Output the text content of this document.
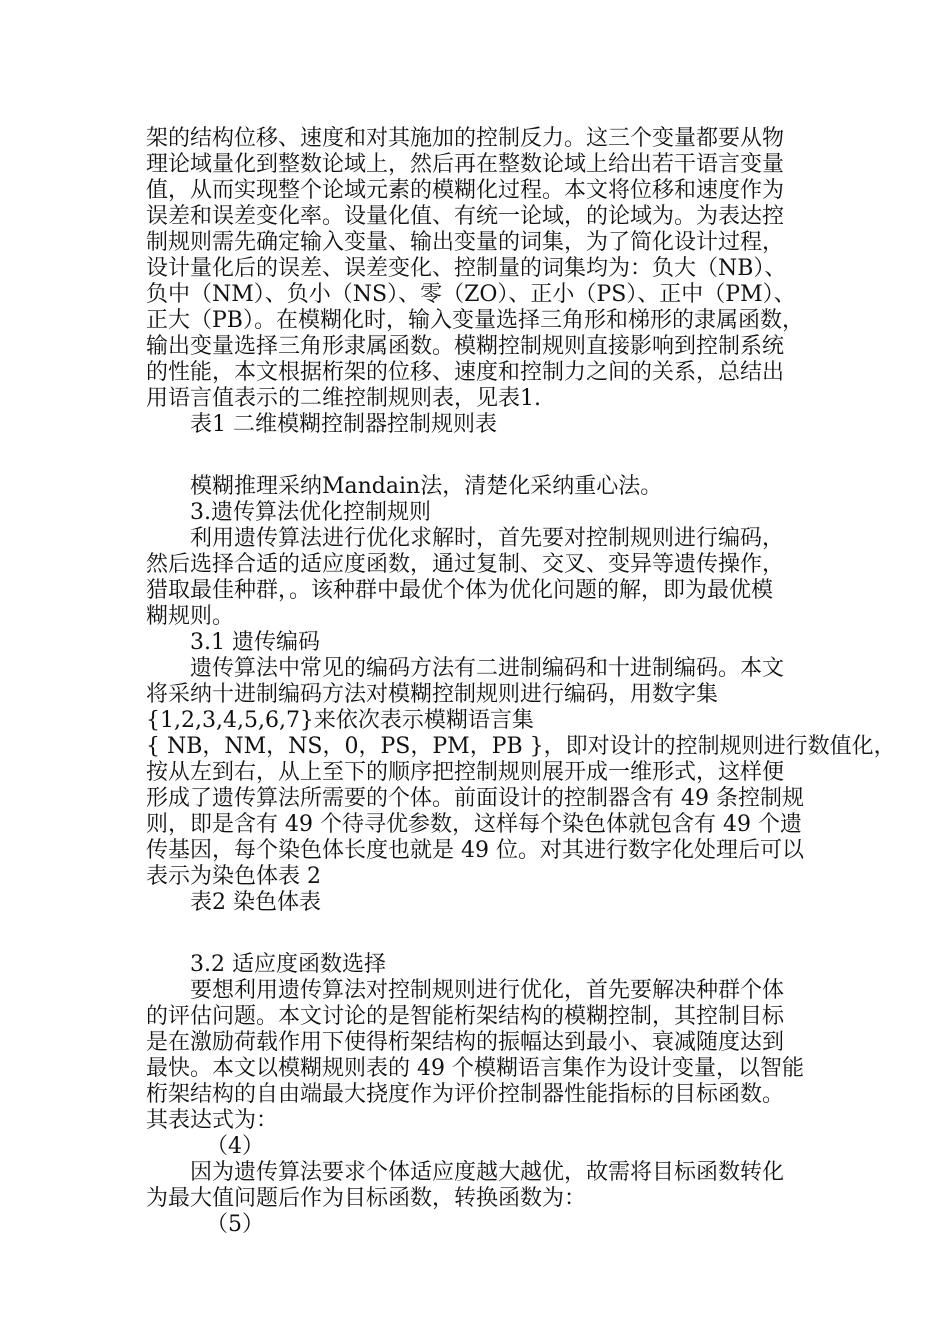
架的结构位移、速度和对其施加的控制反力。这三个变量都要从物
理论域量化到整数论域上，然后再在整数论域上给出若干语言变量
值，从而实现整个论域元素的模糊化过程。本文将位移和速度作为
误差和误差变化率。设量化值、有统一论域，的论域为。为表达控
制规则需先确定输入变量、输出变量的词集，为了简化设计过程，
设计量化后的误差、误差变化、控制量的词集均为：负大（NB）、
负中（NM）、负小（NS）、零（ZO）、正小（PS）、正中（PM）、
正大（PB）。在模糊化时，输入变量选择三角形和梯形的隶属函数，
输出变量选择三角形隶属函数。模糊控制规则直接影响到控制系统
的性能，本文根据桁架的位移、速度和控制力之间的关系，总结出
用语言值表示的二维控制规则表，见表1.
表1 二维模糊控制器控制规则表
模糊推理采纳Mandain法，清楚化采纳重心法。
3.遗传算法优化控制规则
利用遗传算法进行优化求解时，首先要对控制规则进行编码，
然后选择合适的适应度函数，通过复制、交叉、变异等遗传操作，
猎取最佳种群，。该种群中最优个体为优化问题的解，即为最优模
糊规则。
3.1 遗传编码
遗传算法中常见的编码方法有二进制编码和十进制编码。本文
将采纳十进制编码方法对模糊控制规则进行编码，用数字集
{1,2,3,4,5,6,7}来依次表示模糊语言集
{ NB，NM，NS，0，PS，PM，PB }，即对设计的控制规则进行数值化，
按从左到右，从上至下的顺序把控制规则展开成一维形式，这样便
形成了遗传算法所需要的个体。前面设计的控制器含有 49 条控制规
则，即是含有 49 个待寻优参数，这样每个染色体就包含有 49 个遗
传基因，每个染色体长度也就是 49 位。对其进行数字化处理后可以
表示为染色体表 2
表2 染色体表
3.2 适应度函数选择
要想利用遗传算法对控制规则进行优化，首先要解决种群个体
的评估问题。本文讨论的是智能桁架结构的模糊控制，其控制目标
是在激励荷载作用下使得桁架结构的振幅达到最小、衰减随度达到
最快。本文以模糊规则表的 49 个模糊语言集作为设计变量，以智能
桁架结构的自由端最大挠度作为评价控制器性能指标的目标函数。
其表达式为：
（4）
因为遗传算法要求个体适应度越大越优，故需将目标函数转化
为最大值问题后作为目标函数，转换函数为：
（5）
